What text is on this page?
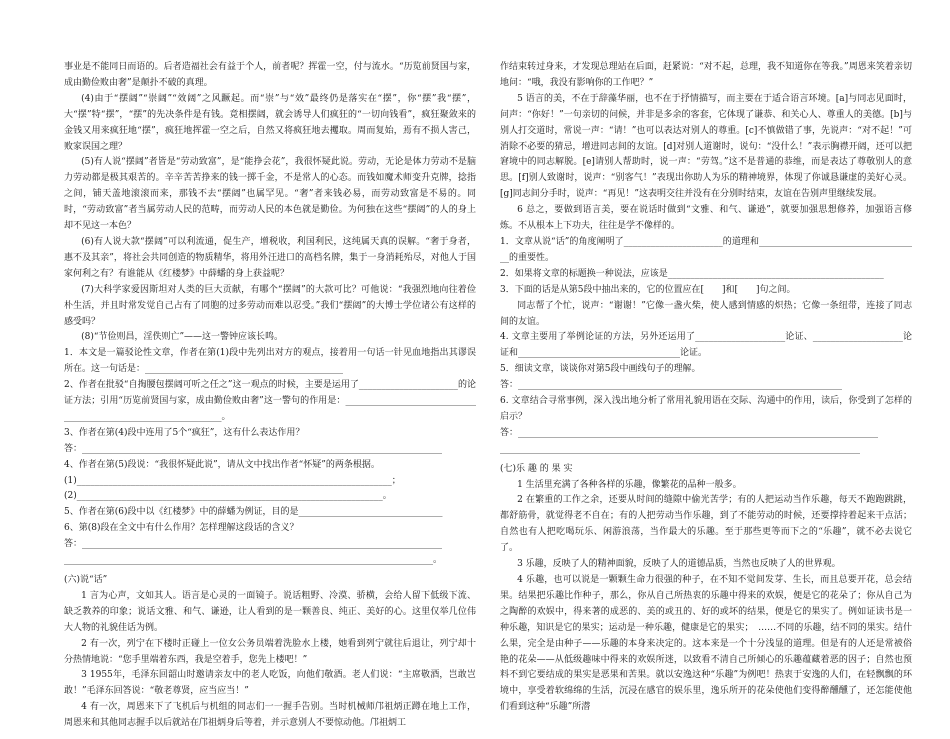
事业是不能同日而语的。后者造福社会有益于个人，前者呢？挥霍一空，付与流水。“历览前贤国与家，成由勤俭败由奢”是颠扑不破的真理。

(4)由于“摆阔”“崇阔”“效阔”之风蹶起。而“崇”与“效”最终仍是落实在“摆”，你“摆”我“摆”，大“摆”特“摆”，“摆”的先决条件是有钱。竟相摆阔，就会诱导人们疯狂的“一切向钱看”，疯狂聚敛来的金钱又用来疯狂地“摆”，疯狂地挥霍一空之后，自然又将疯狂地去攫取。周而复始，焉有不损人害己，败家误国之理？

(5)有人说“摆阔”者皆是“劳动致富”，是“能挣会花”，我很怀疑此说。劳动，无论是体力劳动不是脑力劳动都是极其艰苦的。辛辛苦苦挣来的钱一掷千金，不是常人的心态。而钱如魔术师变升克牌，捻指之间，铺天盖地滚滚而来，那钱不去“摆阔”也属罕见。“奢”者来钱必易，而劳动致富是不易的。同时，“劳动致富”者当属劳动人民的范畴，而劳动人民的本色就是勤俭。为何独在这些“摆阔”的人的身上却不见这一本色？

(6)有人说大款“摆阔”可以利流通，促生产，增税收，利国利民，这纯属天真的误解。“奢于身者，惠不及其亲”，将社会共同创造的物质精华，将用外汪进口的高档名牌，集于一身消耗殆尽，对他人于国家何利之有？有谁能从《红楼梦》中薛蟠的身上获益呢？

(7)大科学家爱因斯坦对人类的巨大贡献，有哪个“摆阔”的大款可比？可他说：“我强烈地向往着俭朴生活，并且时常发觉自己占有了同胞的过多劳动而难以忍受。”我们“摆阔”的大博士学位诸公有这样的感受吗？

(8)“节俭则昌，淫佚则亡”——这一警钟应该长鸣。

1．本文是一篇驳论性文章，作者在第(1)段中先列出对方的观点，接着用一句话一针见血地指出其谬误所在。这一句话是：____________________________________________

2、作者在批驳“自掏腰包摆阔可听之任之”这一观点的时候，主要是运用了______________________的论证方法；引用“历览前贤国与家，成由勤俭败由奢”这一警句的作用是：________________________________________________________________。

3、作者在第(4)段中连用了5个“疯狂”，这有什么表达作用？

答：________________________________________________________________________________

4、作者在第(5)段说：“我很怀疑此说”，请从文中找出作者“怀疑”的两条根据。

(1)______________________________________________________________________；

(2)____________________________________________________________________。

5、作者在第(6)段中以《红楼梦》中的薛蟠为例证，目的是________________________________

6、第(8)段在全文中有什么作用？怎样理解这段话的含义？

答：________________________________________________________________________________

__________________________________________________________________________________。

(六)说“话”

1 言为心声，文如其人。语言是心灵的一面镜子。说话粗野、冷漠、骄横，会给人留下低级下流、缺乏教养的印象；说话文雅、和气、谦逊，让人看到的是一颗善良、纯正、美好的心。这里仅举几位伟大人物的礼貌佳话为例。

2 有一次，列宁在下楼时正碰上一位女公务员端着洗脸水上楼，她看到列宁就往后退让，列宁却十分热情地说：“您手里端着东西，我是空着手，您先上楼吧！”

3 1955年，毛泽东回韶山时邀请亲友中的老人吃饭，向他们敬酒。老人们说：“主席敬酒，岂敢岂敢！”毛泽东回答说：“敬老尊贤，应当应当！”

4 有一次，周恩来下了飞机后与机组的同志们一一握手告别。当时机械师邝祖炳正蹲在地上工作，周恩来和其他同志握手以后就站在邝祖炳身后等着，并示意别人不要惊动他。邝祖炳工

作结束转过身来，才发现总理站在后面，赶紧说：“对不起，总理，我不知道你在等我。”周恩来笑着亲切地问：“哦，我没有影响你的工作吧？”

5 语言的美，不在于辞藻华丽，也不在于抒情描写，而主要在于适合语言环境。[a]与同志见面时，问声：“你好！”一句亲切的问候，并非是多余的客套，它体现了谦恭、和关心人、尊重人的美德。[b]与别人打交道时，常说一声：“请！”也可以表达对别人的尊重。[c]不慎做错了事，先说声：“对不起！”可消除不必要的猜忌，增进同志间的友谊。[d]对别人道谢时，说句：“没什么！”表示胸襟开阔，还可以把窘境中的同志解脱。[e]请别人帮助时，说一声：“劳驾。”这不是普通的恭维，而是表达了尊敬别人的意思。[f]别人致谢时，说声：“别客气！”表现出你助人为乐的精神境界，体现了你诚恳谦虚的美好心灵。[g]同志间分手时，说声：“再见！”这表明交往并没有在分别时结束，友谊在告别声里继续发展。

6 总之，要做到语言美，要在说话时做到“文雅、和气、谦逊”，就要加强思想修养，加强语言修炼。不从根本上下功夫，往往是学不像样的。

1．文章从说“话”的角度阐明了______________________的道理和____________________________________的重要性。

2．如果将文章的标题换一种说法，应该是________________________________________________

3．下面的话是从第5段中抽出来的，它的位置应在[　　]和[　　]句之间。

同志帮了个忙，说声：“谢谢！”它像一盏火柴，使人感到情感的炽热；它像一条纽带，连接了同志间的友谊。

4. 文章主要用了举例论证的方法，另外还运用了____________________论证、____________________论证和____________________________________论证。

5．细读文章，谈谈你对第5段中画线句子的理解。

答：________________________________________________________________________

6. 文章结合寻常事例，深入浅出地分析了常用礼貌用语在交际、沟通中的作用，读后，你受到了怎样的启示？

答：________________________________________________________________________________

________________________________________________________________________________

(七)乐 趣 的 果 实

1 生活里充满了各种各样的乐趣，像繁花的品种一般多。

2 在繁重的工作之余，还要从时间的缝隙中偷光苦学；有的人把运动当作乐趣，每天不跑跑跳跳，都舒筋骨，就觉得老不自在；有的人把劳动当作乐趣，到了不能劳动的时候，还要撑持着起来干点活；自然也有人把吃喝玩乐、闲游浪荡，当作最大的乐趣。至于那些更等而下之的“乐趣”，就不必去说它了。

3 乐趣，反映了人的精神面貌，反映了人的道德品质，当然也反映了人的世界观。

4 乐趣，也可以说是一颗颗生命力很强的种子，在不知不觉间发芽、生长，而且总要开花，总会结果。结果把乐趣比作种子，那么，你从自己所热衷的乐趣中得来的欢娱，便是它的花朵了；你从自己为之陶醉的欢娱中，得来著的成恶的、美的或丑的、好的或坏的结果，便是它的果实了。例如证读书是一种乐趣，知识是它的果实；运动是一种乐趣，健康是它的果实；　……不同的乐趣，结不同的果实。结什么果，完全是由种子——乐趣的本身来决定的。这本来是一个十分浅显的道理。但是有的人还是常被俗艳的花朵——从低级趣味中得来的欢娱所迷，以致看不清自己所倾心的乐趣蕴藏着恶的因子；自然也预料不到它要结成的果实是恶果和苦果。就以安逸这种“乐趣”为例吧！热衷于安逸的人们，在轻飘飘的环境中，享受着软绵绵的生活，沉浸在感官的娱乐里，逸乐所开的花朵使他们变得醉醺醺了，还怎能使他们看到这种“乐趣”所潜
